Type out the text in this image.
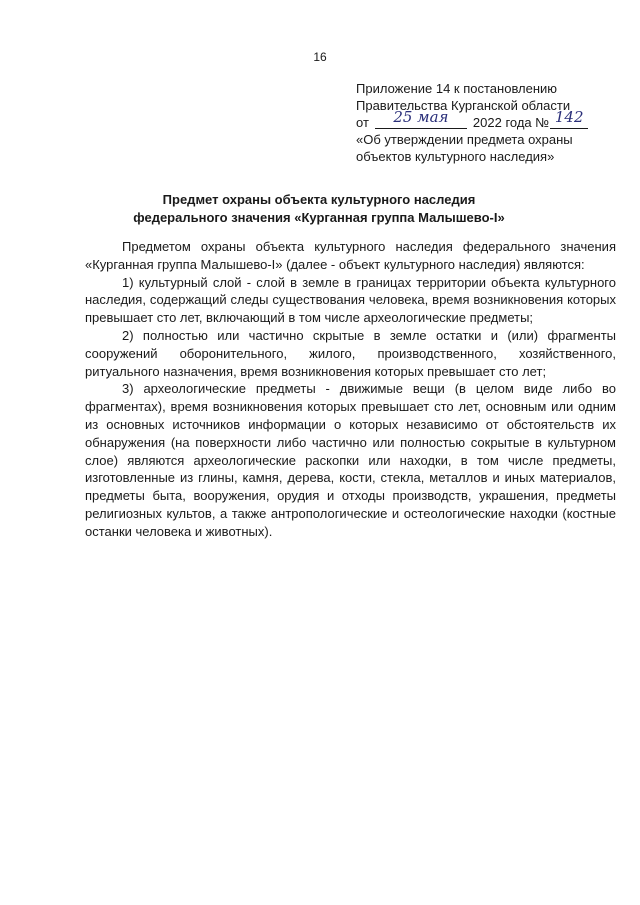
16
Приложение 14 к постановлению
Правительства Курганской области
от 25 мая 2022 года № 142
«Об утверждении предмета охраны
объектов культурного наследия»
Предмет охраны объекта культурного наследия
федерального значения «Курганная группа Малышево-I»

Предметом охраны объекта культурного наследия федерального значения «Курганная группа Малышево-I» (далее - объект культурного наследия) являются:

1) культурный слой - слой в земле в границах территории объекта культурного наследия, содержащий следы существования человека, время возникновения которых превышает сто лет, включающий в том числе археологические предметы;

2) полностью или частично скрытые в земле остатки и (или) фрагменты сооружений оборонительного, жилого, производственного, хозяйственного, ритуального назначения, время возникновения которых превышает сто лет;

3) археологические предметы - движимые вещи (в целом виде либо во фрагментах), время возникновения которых превышает сто лет, основным или одним из основных источников информации о которых независимо от обстоятельств их обнаружения (на поверхности либо частично или полностью сокрытые в культурном слое) являются археологические раскопки или находки, в том числе предметы, изготовленные из глины, камня, дерева, кости, стекла, металлов и иных материалов, предметы быта, вооружения, орудия и отходы производств, украшения, предметы религиозных культов, а также антропологические и остеологические находки (костные останки человека и животных).
